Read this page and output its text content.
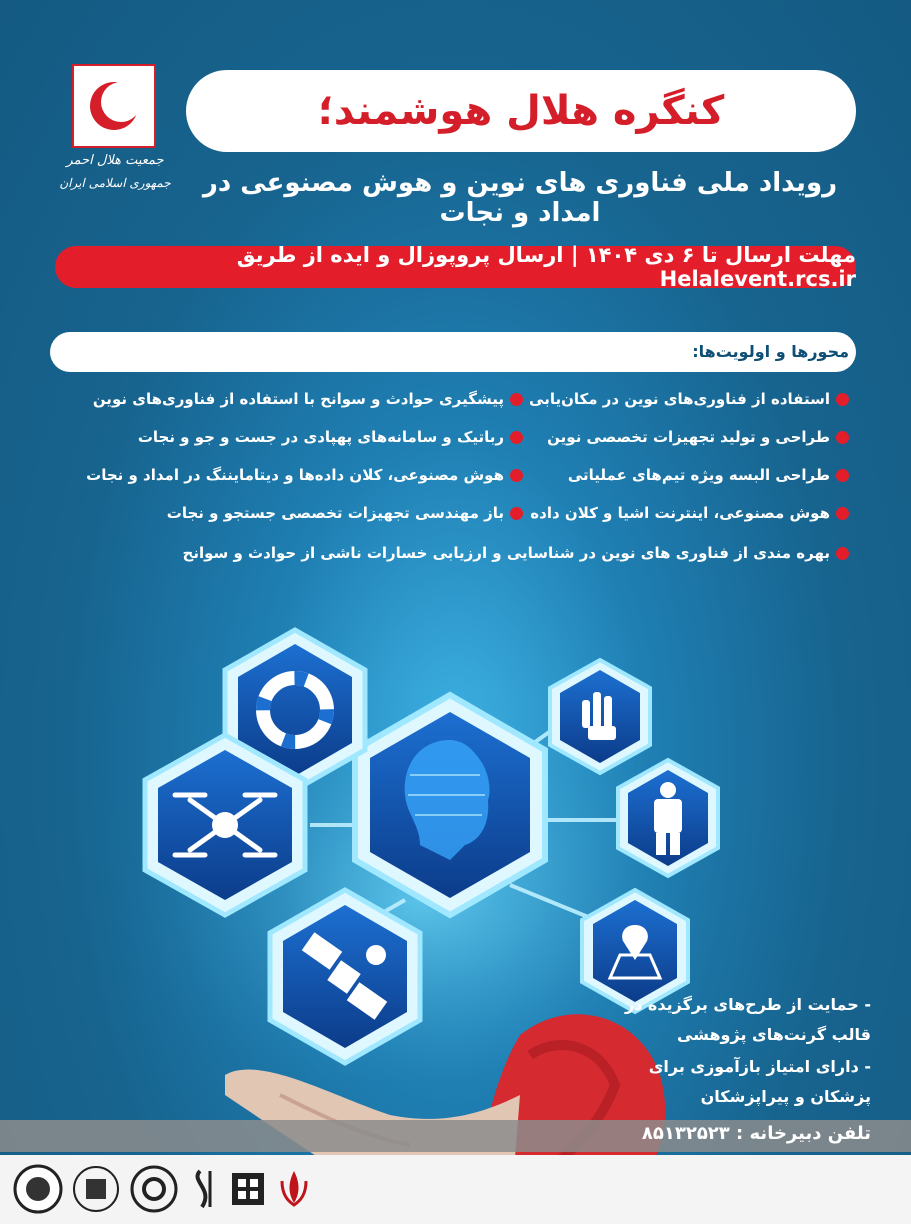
جمعیت هلال احمر
جمهوری اسلامی ایران
کنگره هلال هوشمند؛
رویداد ملی فناوری های نوین و هوش مصنوعی در امداد و نجات
مهلت ارسال تا ۶ دی ۱۴۰۴ | ارسال پروپوزال و ایده از طریق Helalevent.rcs.ir
محورها و اولویت‌ها:
استفاده از فناوری‌های نوین در مکان‌یابی
طراحی و تولید تجهیزات تخصصی نوین
طراحی البسه ویژه تیم‌های عملیاتی
هوش مصنوعی، اینترنت اشیا و کلان داده
پیشگیری حوادث و سوانح با استفاده از فناوری‌های نوین
رباتیک و سامانه‌های پهپادی در جست و جو و نجات
هوش مصنوعی، کلان داده‌ها و دیتامایننگ در امداد و نجات
باز مهندسی تجهیزات تخصصی جستجو و نجات
بهره مندی از فناوری های نوین در شناسایی و ارزیابی خسارات ناشی از حوادث و سوانح
- حمایت از طرح‌های برگزیده در قالب گرنت‌های پژوهشی
- دارای امتیاز بازآموزی برای پزشکان و پیراپزشکان
تلفن دبیرخانه : ۸۵۱۳۲۵۲۳
